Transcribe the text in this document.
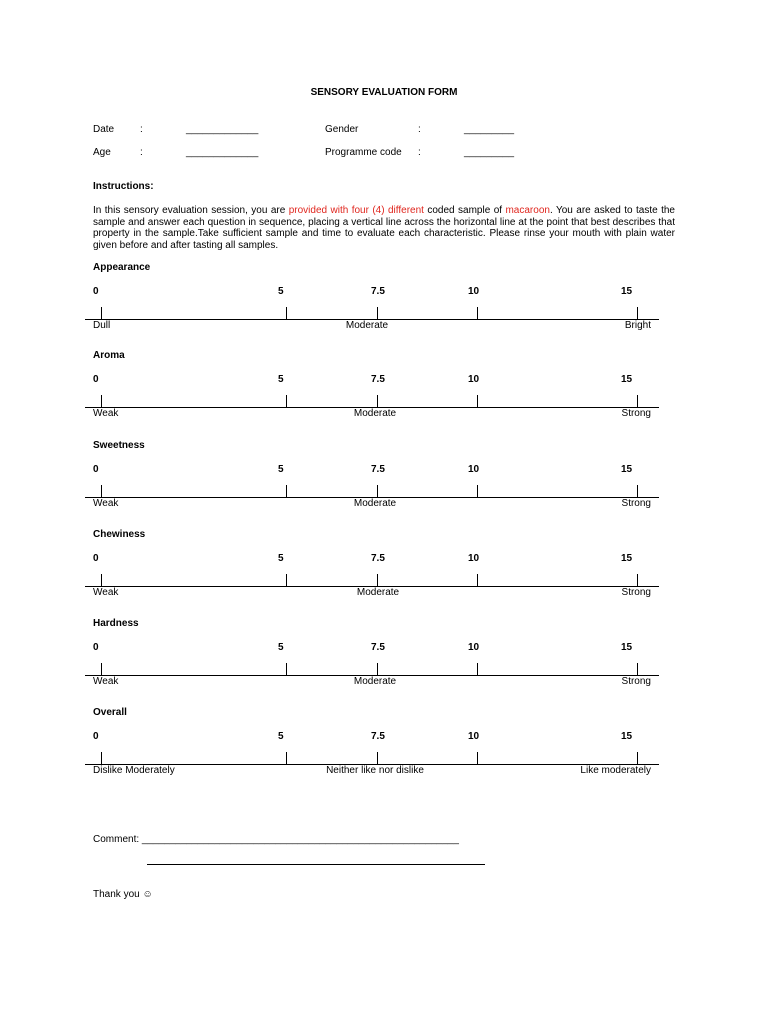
SENSORY EVALUATION FORM
Date	:	_____________	Gender	:	_________
Age	:	_____________	Programme code :	_________
Instructions:
In this sensory evaluation session, you are provided with four (4) different coded sample of macaroon. You are asked to taste the sample and answer each question in sequence, placing a vertical line across the horizontal line at the point that best describes that property in the sample.Take sufficient sample and time to evaluate each characteristic. Please rinse your mouth with plain water given before and after tasting all samples.
Appearance
0	5	7.5	10	15
Dull	Moderate	Bright
Aroma
0	5	7.5	10	15
Weak	Moderate	Strong
Sweetness
0	5	7.5	10	15
Weak	Moderate	Strong
Chewiness
0	5	7.5	10	15
Weak	Moderate	Strong
Hardness
0	5	7.5	10	15
Weak	Moderate	Strong
Overall
0	5	7.5	10	15
Dislike Moderately	Neither like nor dislike	Like moderately
Comment: _________________________________________________________
Thank you ☺
